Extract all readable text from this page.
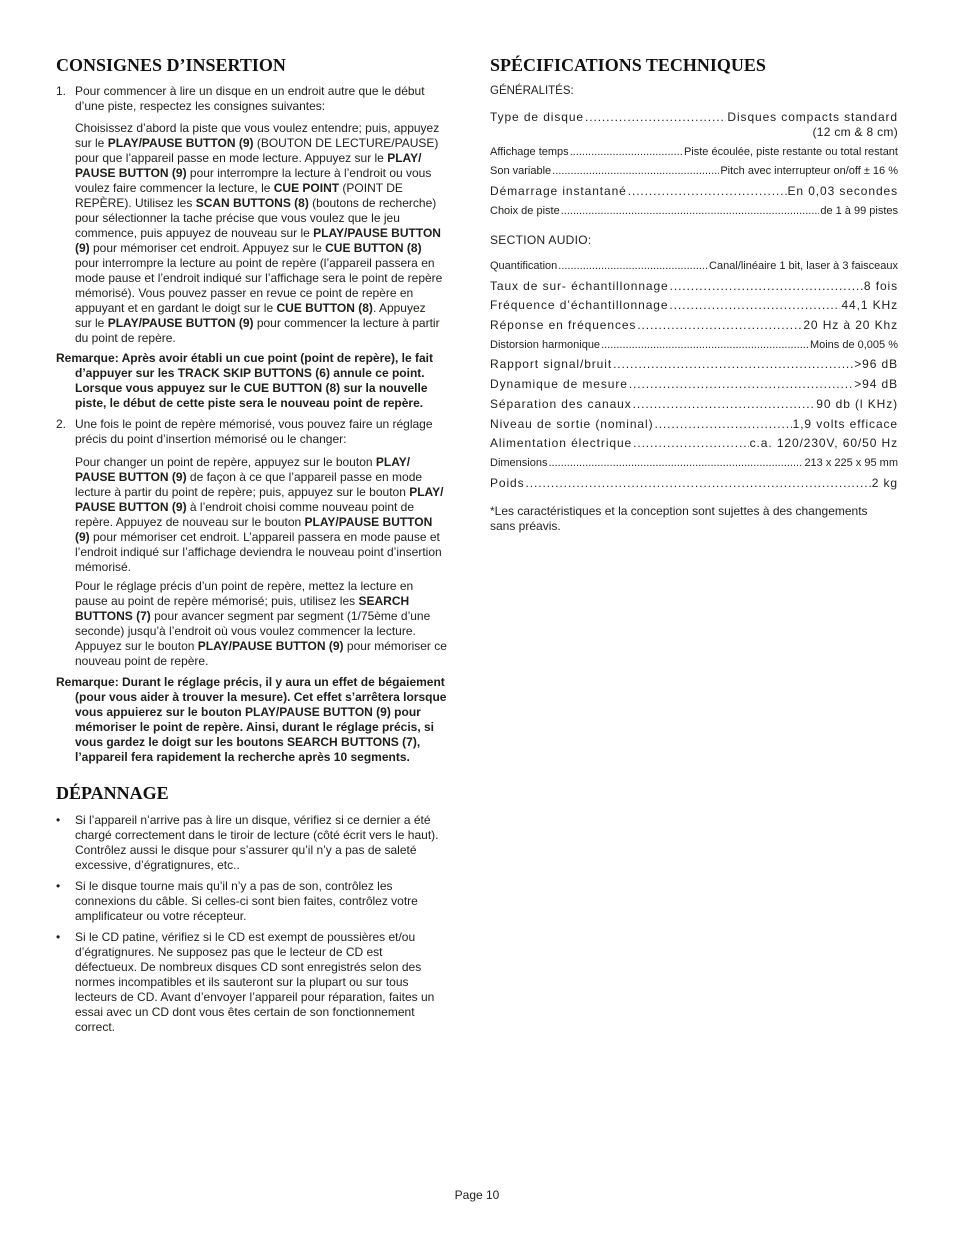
CONSIGNES D’INSERTION
1. Pour commencer à lire un disque en un endroit autre que le début
d’une piste, respectez les consignes suivantes:
Choisissez d’abord la piste que vous voulez entendre; puis, appuyez
sur le PLAY/PAUSE BUTTON (9) (BOUTON DE LECTURE/PAUSE)
pour que l’appareil passe en mode lecture. Appuyez sur le PLAY/
PAUSE BUTTON (9) pour interrompre la lecture à l’endroit ou vous
voulez faire commencer la lecture, le CUE POINT (POINT DE
REPÈRE). Utilisez les SCAN BUTTONS (8) (boutons de recherche)
pour sélectionner la tache précise que vous voulez que le jeu
commence, puis appuyez de nouveau sur le PLAY/PAUSE BUTTON
(9) pour mémoriser cet endroit. Appuyez sur le CUE BUTTON (8)
pour interrompre la lecture au point de repère (l’appareil passera en
mode pause et l’endroit indiqué sur l’affichage sera le point de repère
mémorisé). Vous pouvez passer en revue ce point de repère en
appuyant et en gardant le doigt sur le CUE BUTTON (8). Appuyez
sur le PLAY/PAUSE BUTTON (9) pour commencer la lecture à partir
du point de repère.
Remarque: Après avoir établi un cue point (point de repère), le fait
d’appuyer sur les TRACK SKIP BUTTONS (6) annule ce point.
Lorsque vous appuyez sur le CUE BUTTON (8) sur la nouvelle
piste, le début de cette piste sera le nouveau point de repère.
2. Une fois le point de repère mémorisé, vous pouvez faire un réglage
précis du point d’insertion mémorisé ou le changer:
Pour changer un point de repère, appuyez sur le bouton PLAY/
PAUSE BUTTON (9) de façon à ce que l’appareil passe en mode
lecture à partir du point de repère; puis, appuyez sur le bouton PLAY/
PAUSE BUTTON (9) à l’endroit choisi comme nouveau point de
repère. Appuyez de nouveau sur le bouton PLAY/PAUSE BUTTON
(9) pour mémoriser cet endroit. L’appareil passera en mode pause et
l’endroit indiqué sur l’affichage deviendra le nouveau point d’insertion
mémorisé.
Pour le réglage précis d’un point de repère, mettez la lecture en
pause au point de repère mémorisé; puis, utilisez les SEARCH
BUTTONS (7) pour avancer segment par segment (1/75ème d’une
seconde) jusqu’à l’endroit où vous voulez commencer la lecture.
Appuyez sur le bouton PLAY/PAUSE BUTTON (9) pour mémoriser ce
nouveau point de repère.
Remarque: Durant le réglage précis, il y aura un effet de bégaiement
(pour vous aider à trouver la mesure). Cet effet s’arrêtera lorsque
vous appuierez sur le bouton PLAY/PAUSE BUTTON (9) pour
mémoriser le point de repère. Ainsi, durant le réglage précis, si
vous gardez le doigt sur les boutons SEARCH BUTTONS (7),
l’appareil fera rapidement la recherche après 10 segments.
DÉPANNAGE
•	Si l’appareil n’arrive pas à lire un disque, vérifiez si ce dernier a été
chargé correctement dans le tiroir de lecture (côté écrit vers le haut).
Contrôlez aussi le disque pour s’assurer qu’il n’y a pas de saleté
excessive, d’égratignures, etc..
•	Si le disque tourne mais qu’il n’y a pas de son, contrôlez les
connexions du câble. Si celles-ci sont bien faites, contrôlez votre
amplificateur ou votre récepteur.
•	Si le CD patine, vérifiez si le CD est exempt de poussières et/ou
d’égratignures. Ne supposez pas que le lecteur de CD est
défectueux. De nombreux disques CD sont enregistrés selon des
normes incompatibles et ils sauteront sur la plupart ou sur tous
lecteurs de CD. Avant d’envoyer l’appareil pour réparation, faites un
essai avec un CD dont vous êtes certain de son fonctionnement
correct.
SPÉCIFICATIONS TECHNIQUES
GÉNÉRALITÉS:
Type de disque .....	Disques compacts standard
(12 cm & 8 cm)
Affichage temps .....	Piste écoulée, piste restante ou total restant
Son variable .....	Pitch avec interrupteur on/off ± 16 %
Démarrage instantané .....	En 0,03 secondes
Choix de piste .....	de 1 à 99 pistes
SECTION AUDIO:
Quantification .....	Canal/linéaire 1 bit, laser à 3 faisceaux
Taux de sur- échantillonnage .....	8 fois
Fréquence d’échantillonnage .....	44,1 KHz
Réponse en fréquences .....	20 Hz à 20 Khz
Distorsion harmonique .....	Moins de 0,005 %
Rapport signal/bruit .....	>96 dB
Dynamique de mesure .....	>94 dB
Séparation des canaux .....	90 db (l KHz)
Niveau de sortie (nominal) .....	1,9 volts efficace
Alimentation électrique .....	c.a. 120/230V, 60/50 Hz
Dimensions .....	213 x 225 x 95 mm
Poids .....	2 kg
*Les caractéristiques et la conception sont sujettes à des changements
sans préavis.
Page 10
